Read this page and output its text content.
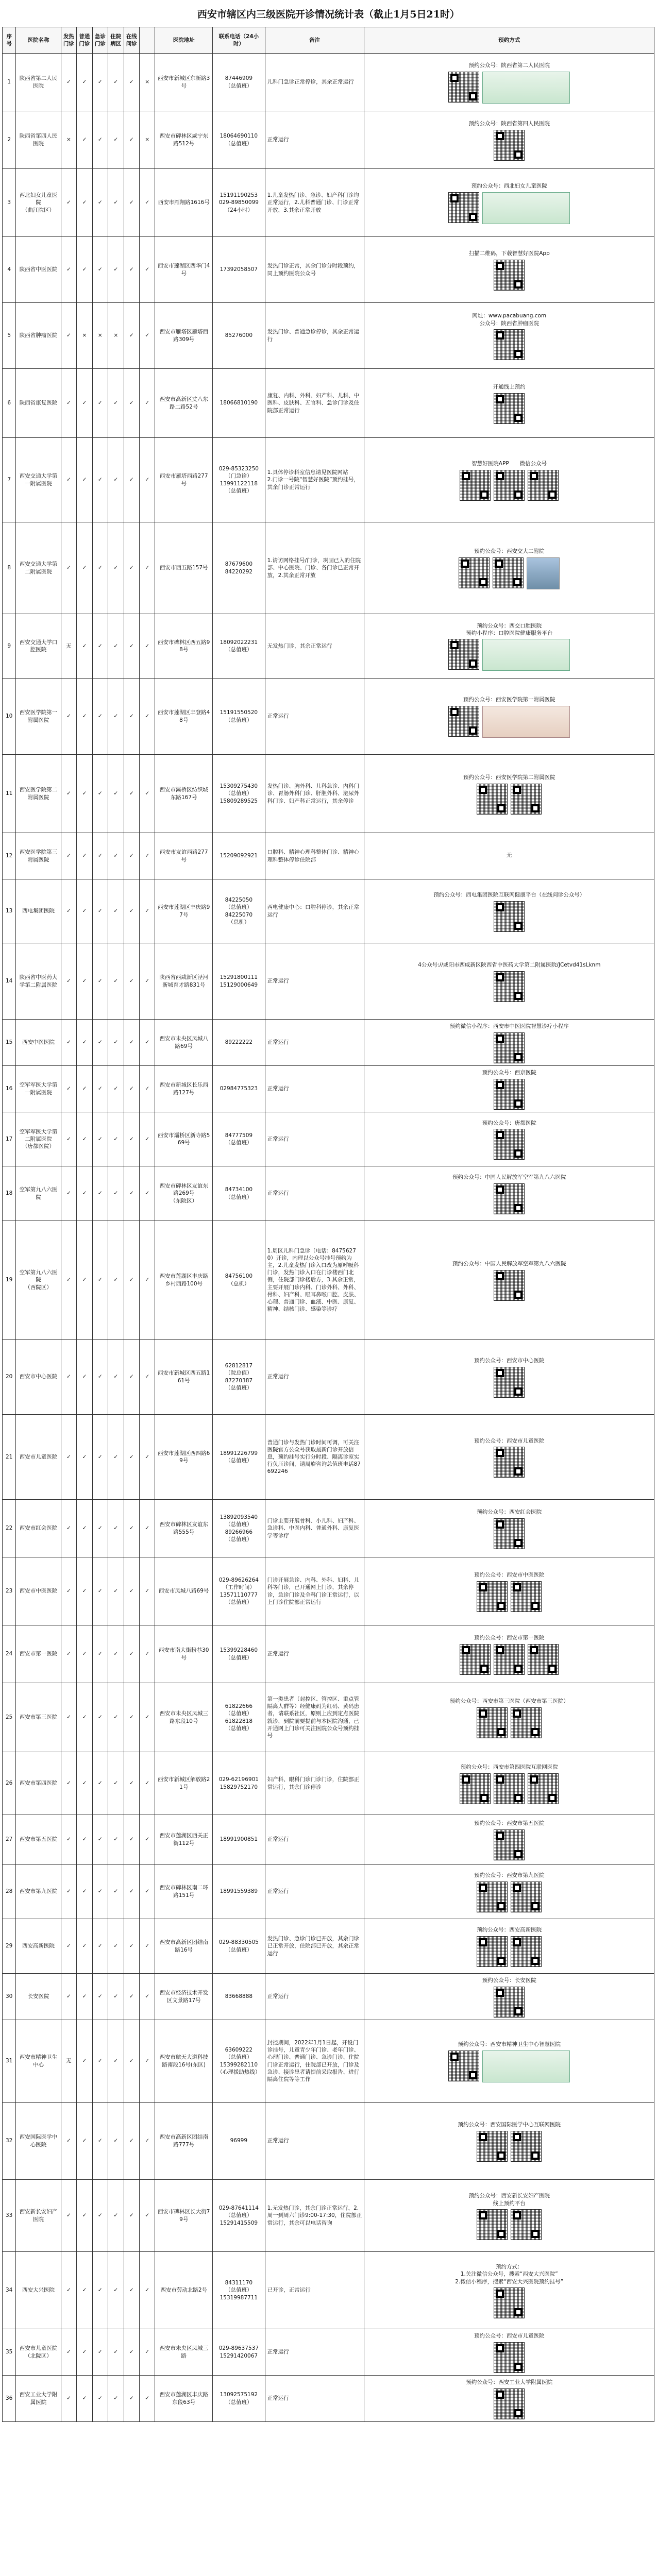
西安市辖区内三级医院开诊情况统计表（截止1月5日21时）
序号	医院名称	发热门诊	普通门诊	急诊门诊	住院病区	在线问诊		医院地址	联系电话（24小时）	备注	预约方式
1	陕西省第二人民医院	✓	✓	✓	✓	✓	×	西安市新城区东新路3号	87446909
（总值班）	儿科门急诊正常停诊，其余正常运行	预约公众号：陕西省第二人民医院

2	陕西省第四人民医院	×	✓	✓	✓	✓	×	西安市碑林区咸宁东路512号	18064690110
（总值班）	正常运行	预约公众号：陕西省第四人民医院

3	西北妇女儿童医院
（曲江院区）	✓	✓	✓	✓	✓	✓	西安市雁翔路1616号	15191190253
029-89850099
（24小时）	1.儿童发热门诊、急诊、妇产科门诊均正常运行，2.儿科普通门诊、门诊正常开放，3.其余正常开放	预约公众号：西北妇女儿童医院

4	陕西省中医医院	✓	✓	✓	✓	✓	✓	西安市莲湖区西华门4号	17392058507	发热门诊正常，其余门诊分时段预约，同上预约医院公众号	扫描二维码，下载智慧好医院App

5	陕西省肿瘤医院	✓	×	×	×	✓	✓	西安市雁塔区雁塔西路309号	85276000	发热门诊、普通急诊停诊，其余正常运行	网址：www.pacabuang.com
公众号：陕西省肿瘤医院

6	陕西省康复医院	✓	✓	✓	✓	✓	✓	西安市高新区丈八东路二路52号	18066810190	康复、内科、外科、妇产科、儿科、中医科、皮肤科、五官科、急诊门诊及住院部正常运行	开通线上预约

7	西安交通大学第一附属医院	✓	✓	✓	✓	✓	✓	西安市雁塔西路277号	029-85323250
（门急诊）
13991122118
（总值班）	1.具体停诊科室信息请见医院网站
2.门诊一号院“智慧好医院”预约挂号，其余门诊正常运行	智慧好医院APP　　微信公众号

8	西安交通大学第二附属医院	✓	✓	✓	✓	✓	✓	西安市西五路157号	87679600
84220292	1.请访网络挂号/门诊，巩固已入的住院部、中心医院、门诊、各门诊已正常开放，2.其余正常开放	预约公众号：西安交大二附院

9	西安交通大学口腔医院	无	✓	✓	✓	✓	✓	西安市碑林区西五路98号	18092022231
（总值班）	无发热门诊，其余正常运行	预约公众号：西交口腔医院
预约小程序：口腔医院健康服务平台

10	西安医学院第一附属医院	✓	✓	✓	✓	✓	✓	西安市莲湖区丰登路48号	15191550520
（总值班）	正常运行	预约公众号：西安医学院第一附属医院

11	西安医学院第二附属医院	✓	✓	✓	✓	✓	✓	西安市灞桥区纺织城东路167号	15309275430
（总值班）
15809289525	发热门诊、胸外科、儿科急诊、内科门诊、胃肠外科门诊、肝胆外科、泌尿外科门诊、妇产科正常运行，其余停诊	预约公众号：西安医学院第二附属医院

12	西安医学院第三附属医院	✓	✓	✓	✓	✓	✓	西安市友谊西路277号	15209092921	口腔科、精神心理科整体门诊、精神心理科整体停诊住院部	无

13	西电集团医院	✓	✓	✓	✓	✓	✓	西安市莲湖区丰庆路97号	84225050
（总值班）
84225070
（总机）	西电健康中心：口腔科停诊，其余正常运行	预约公众号：西电集团医院互联网健康平台（在线问诊公众号）

14	陕西省中医药大学第二附属医院	✓	✓	✓	✓	✓	✓	陕西省西咸新区泾河新城育才路831号	15291800111
15129000649	正常运行	4公众号://咸阳市西咸新区陕西省中医药大学第二附属医院/JCetvd41sLknm

15	西安中医医院	✓	✓	✓	✓	✓	✓	西安市未央区凤城八路69号	89222222	正常运行	预约微信小程序：西安市中医医院智慧诊疗小程序

16	空军军医大学第一附属医院	✓	✓	✓	✓	✓	✓	西安市新城区长乐西路127号	02984775323	正常运行	预约公众号：西京医院

17	空军军医大学第二附属医院
（唐都医院）	✓	✓	✓	✓	✓	✓	西安市灞桥区新寺路569号	84777509
（总值班）	正常运行	预约公众号：唐都医院

18	空军第九八六医院	✓	✓	✓	✓	✓	✓	西安市碑林区友谊东路269号
（东院区）	84734100
（总值班）	正常运行	预约公众号：中国人民解放军空军第九八六医院

19	空军第九八六医院
（西院区）	✓	✓	✓	✓	✓	✓	西安市莲湖区丰庆路乡村西路100号	84756100
（总机）	1.周区儿科门急诊（电话：84756270）开诊，内理以公众号挂号预约为主，2.儿童发热门诊入口改为原呼吸科门诊，发热门诊入口在门诊楼西门北侧，住院部门诊楼后方，3.其余正常，主要开展门诊内科、门诊外科、外科、骨科、妇产科、眼耳鼻喉口腔、皮肤、心理、普通门诊、血液、中医、康复、精神、结核门诊、感染等诊疗	预约公众号：中国人民解放军空军第九八六医院

20	西安市中心医院	✓	✓	✓	✓	✓	✓	西安市新城区西五路161号	62812817
（院总值）
87270387
（总值班）	正常运行	预约公众号：西安市中心医院

21	西安市儿童医院	✓	✓	✓	✓	✓	✓	西安市莲湖区西四路69号	18991226799
（总值班）	普通门诊与发热门诊时间可调，可关注医院官方公众号获取最新门诊开放信息，预约挂号实行分时段、隔离诊室实行负压诊间，请周旋咨询总值班电话87692246	预约公众号：西安市儿童医院

22	西安市红会医院	✓	✓	✓	✓	✓	✓	西安市碑林区友谊东路555号	13892093540
（总值班）
89266966
（总值班）	门诊主要开展骨科、小儿科、妇产科、急诊科、中医内科、普通外科、康复医学等诊疗	预约公众号：西安红会医院

23	西安市中医医院	✓	✓	✓	✓	✓	✓	西安市凤城八路69号	029-89626264
（工作时间）
13571110777
（总值班）	门诊开展急诊、内科、外科、妇科、儿科等门诊，已开通网上门诊，其余停诊，急诊门诊及全科门诊正常运行，以上门诊住院部正常运行	预约公众号：西安市中医医院

24	西安市第一医院	✓	✓	✓	✓	✓	✓	西安市南大街粉巷30号	15399228460
（总值班）	正常运行	预约公众号：西安市第一医院

25	西安市第三医院	✓	✓	✓	✓	✓	✓	西安市未央区凤城三路东段10号	61822666
（总值班）
61822818
（总值班）	第一类患者（封控区、管控区、重点管隔离人群等）经健康码为红码、黄码患者，请联系社区，原则上应到定点医院就诊，到院前要提前与本医院沟通，已开通网上门诊可关注医院公众号预约挂号	预约公众号：西安市第三医院（西安市第三医院）

26	西安市第四医院	✓	✓	✓	✓	✓	✓	西安市新城区解放路21号	029-62196901
15829752170	妇产科、眼科门诊门诊门诊，住院部正常运行，其余门诊停诊	预约公众号：西安市第四医院互联网医院

27	西安市第五医院	✓	✓	✓	✓	✓	✓	西安市莲湖区西关正街112号	18991900851	正常运行	预约公众号：西安市第五医院

28	西安市第九医院	✓	✓	✓	✓	✓	✓	西安市碑林区南二环路151号	18991559389	正常运行	预约公众号：西安市第九医院

29	西安高新医院	✓	✓	✓	✓	✓	✓	西安市高新区团结南路16号	029-88330505
（总值班）	发热门诊、急诊门诊已开放，其余门诊已正常开放，住院部已开放，其余正常运行	预约公众号：西安高新医院

30	长安医院	✓	✓	✓	✓	✓	✓	西安市经济技术开发区文景路17号	83668888	正常运行	预约公众号：长安医院

31	西安市精神卫生中心	无	✓	✓	✓	✓	✓	西安市航天大道科技路南段16号(东区)	63609222
（总值班）
15399282110
（心理援助热线）	封控期间，2022年1月1日起，开设门诊挂号，儿童青少年门诊、老年门诊、心理门诊、普通门诊、急诊门诊、住院门诊正常运行，住院部已开放，门诊及急诊、接诊患者请提前采取报告、进行隔离住院等等工作	预约公众号：西安市精神卫生中心智慧医院

32	西安国际医学中心医院	✓	✓	✓	✓	✓	✓	西安市高新区团结南路777号	96999	正常运行	预约公众号：西安国际医学中心互联网医院

33	西安新长安妇产医院	✓	✓	✓	✓	✓	✓	西安市碑林区长大街79号	029-87641114
（总值班）
15291415509	1.无发热门诊，其余门诊正常运行，2.周一到周六门诊9:00-17:30，住院部正常运行，其余可以电话咨询	预约公众号：西安新长安妇产医院
线上预约平台

34	西安大兴医院	✓	✓	✓	✓	✓	✓	西安市劳动北路2号	84311170
（总值班）
15319987711	已开诊，正常运行	预约方式：
1.关注微信公众号，搜索“西安大兴医院”
2.微信小程序，搜索“西安大兴医院预约挂号”

35	西安市儿童医院
（北院区）	✓	✓	✓	✓	✓	✓	西安市未央区凤城三路	029-89637537
15291420067	正常运行	预约公众号：西安市儿童医院

36	西安工业大学附属医院	✓	✓	✓	✓	✓	✓	西安市莲湖区丰庆路东段63号	13092575192
（总值班）	正常运行	预约公众号：西安工业大学附属医院
